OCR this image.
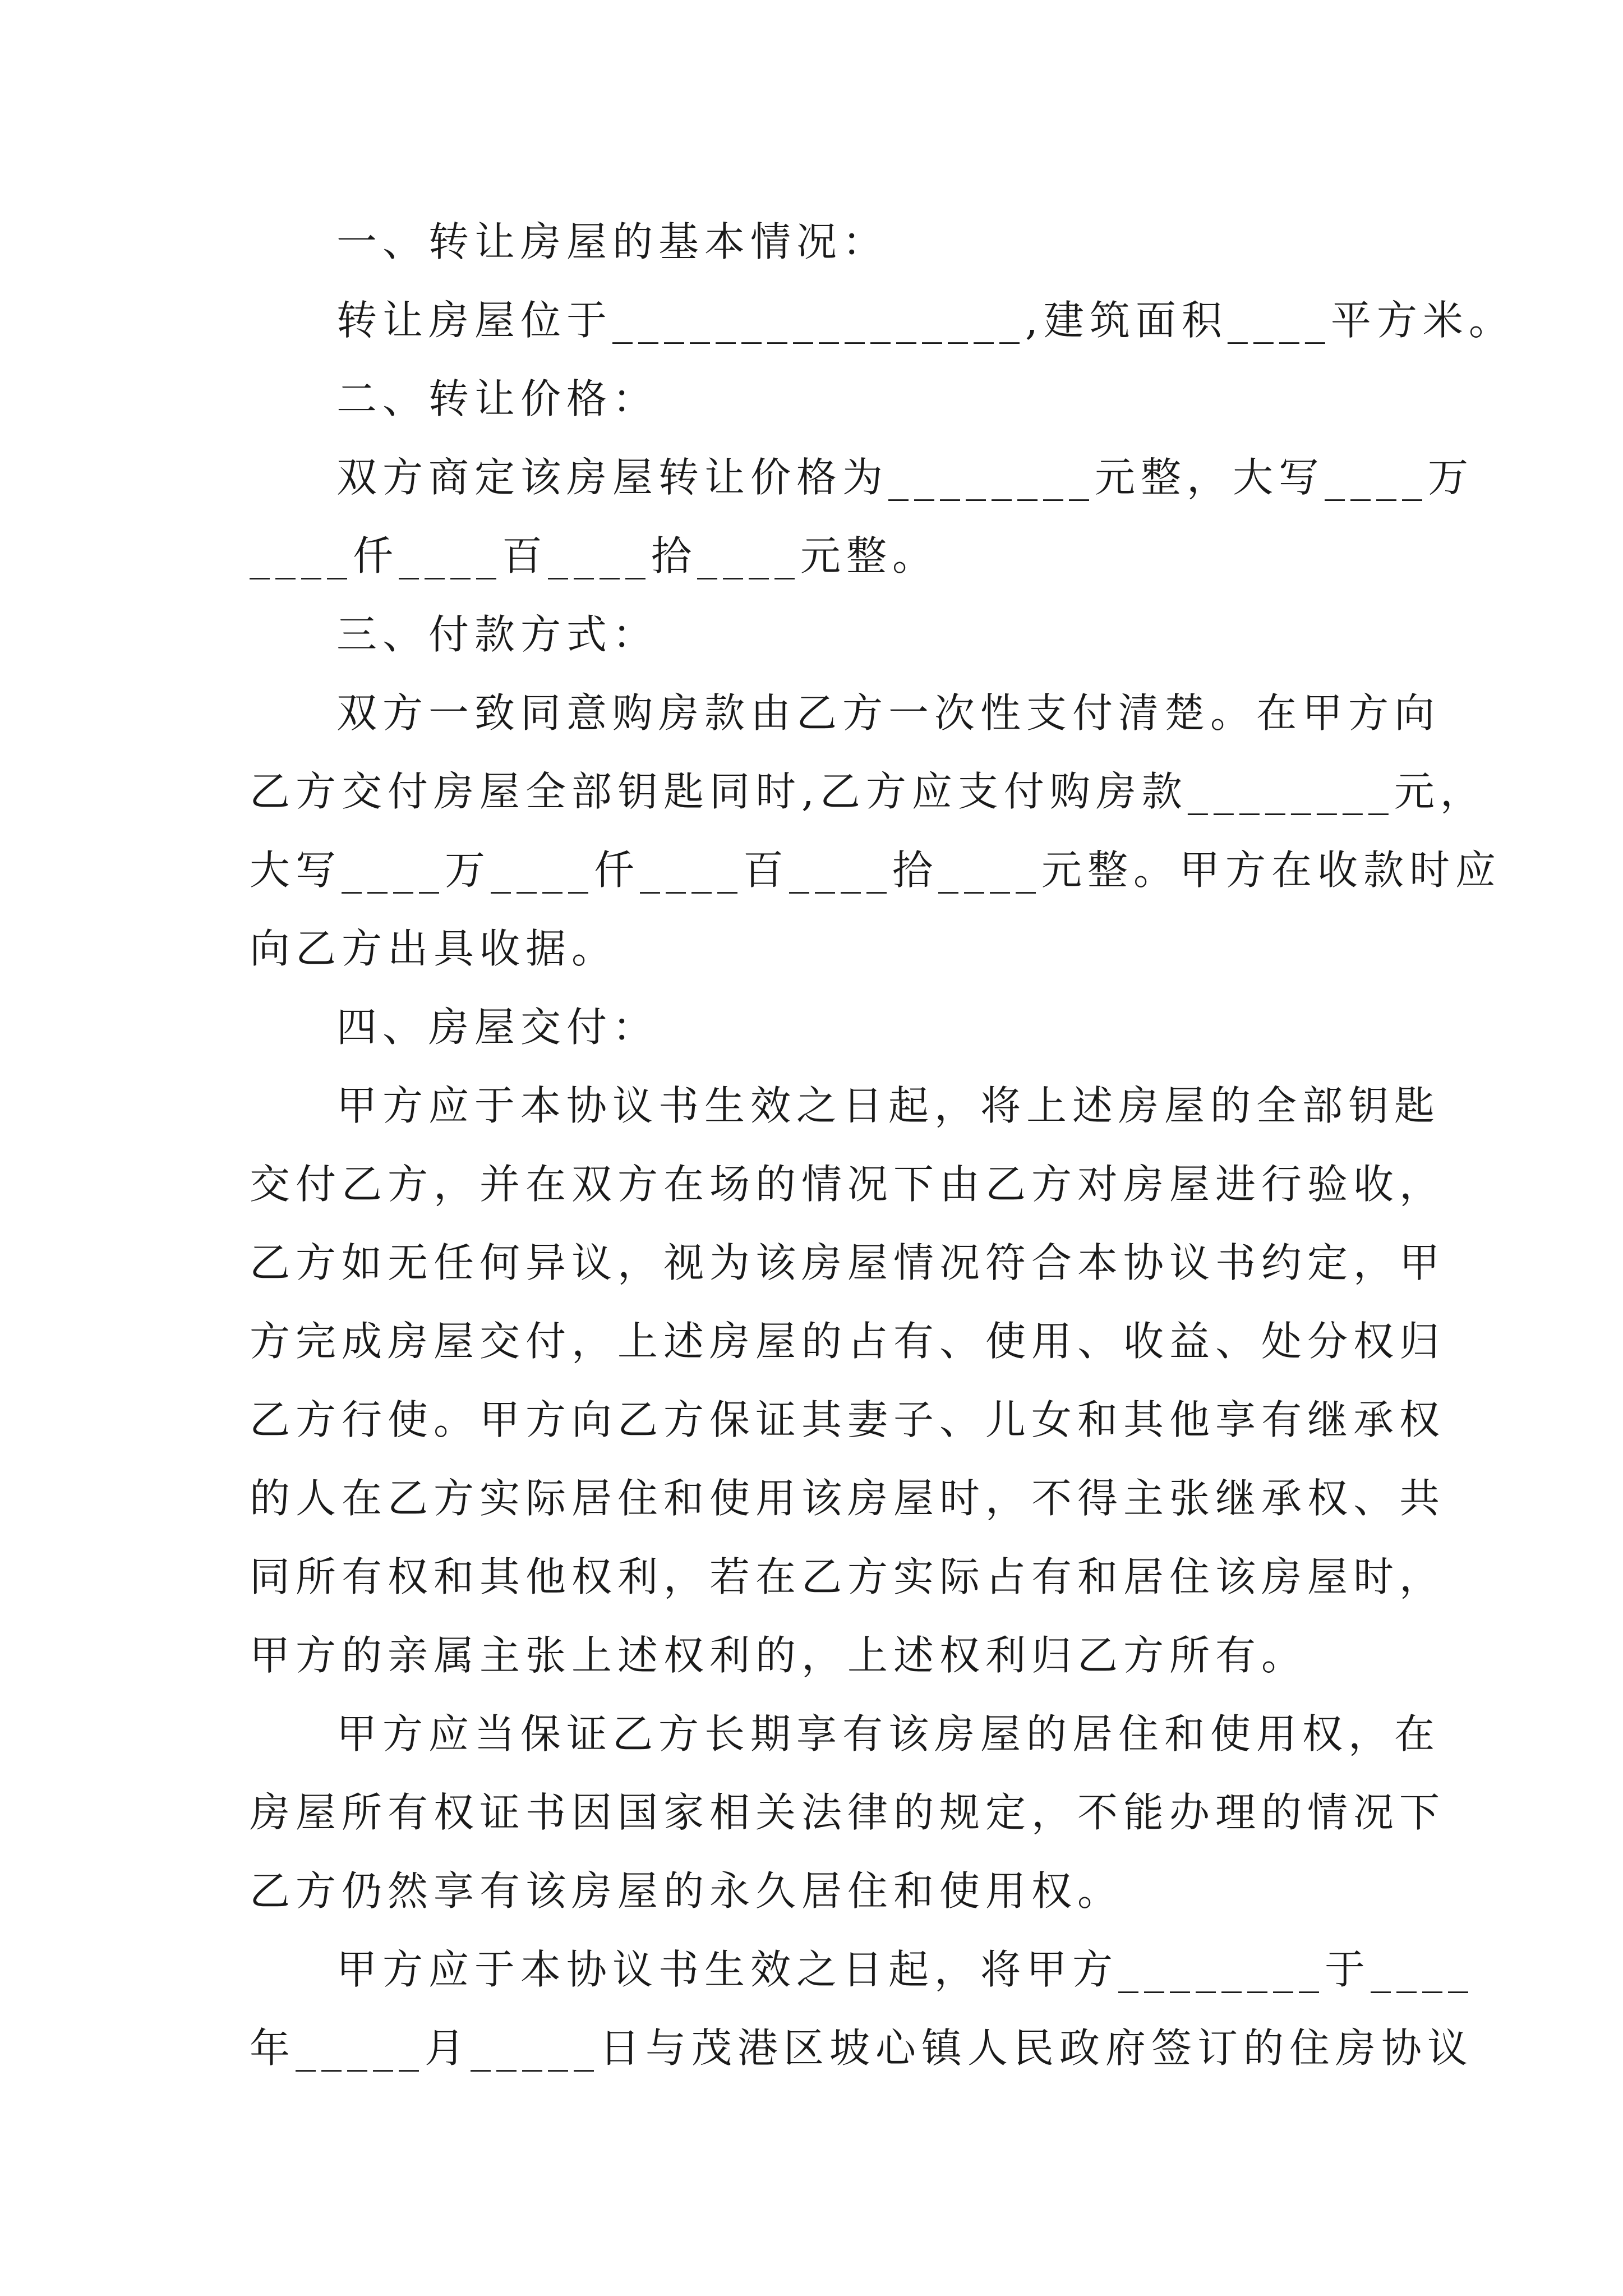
一、转让房屋的基本情况：
转让房屋位于________________,建筑面积____平方米。
二、转让价格：
双方商定该房屋转让价格为________元整，大写____万
____仟____百____拾____元整。
三、付款方式：
双方一致同意购房款由乙方一次性支付清楚。在甲方向
乙方交付房屋全部钥匙同时,乙方应支付购房款________元，
大写____万____仟____百____拾____元整。甲方在收款时应
向乙方出具收据。
四、房屋交付：
甲方应于本协议书生效之日起，将上述房屋的全部钥匙
交付乙方，并在双方在场的情况下由乙方对房屋进行验收，
乙方如无任何异议，视为该房屋情况符合本协议书约定，甲
方完成房屋交付，上述房屋的占有、使用、收益、处分权归
乙方行使。甲方向乙方保证其妻子、儿女和其他享有继承权
的人在乙方实际居住和使用该房屋时，不得主张继承权、共
同所有权和其他权利，若在乙方实际占有和居住该房屋时，
甲方的亲属主张上述权利的，上述权利归乙方所有。
甲方应当保证乙方长期享有该房屋的居住和使用权，在
房屋所有权证书因国家相关法律的规定，不能办理的情况下
乙方仍然享有该房屋的永久居住和使用权。
甲方应于本协议书生效之日起，将甲方________于____
年_____月_____日与茂港区坡心镇人民政府签订的住房协议
